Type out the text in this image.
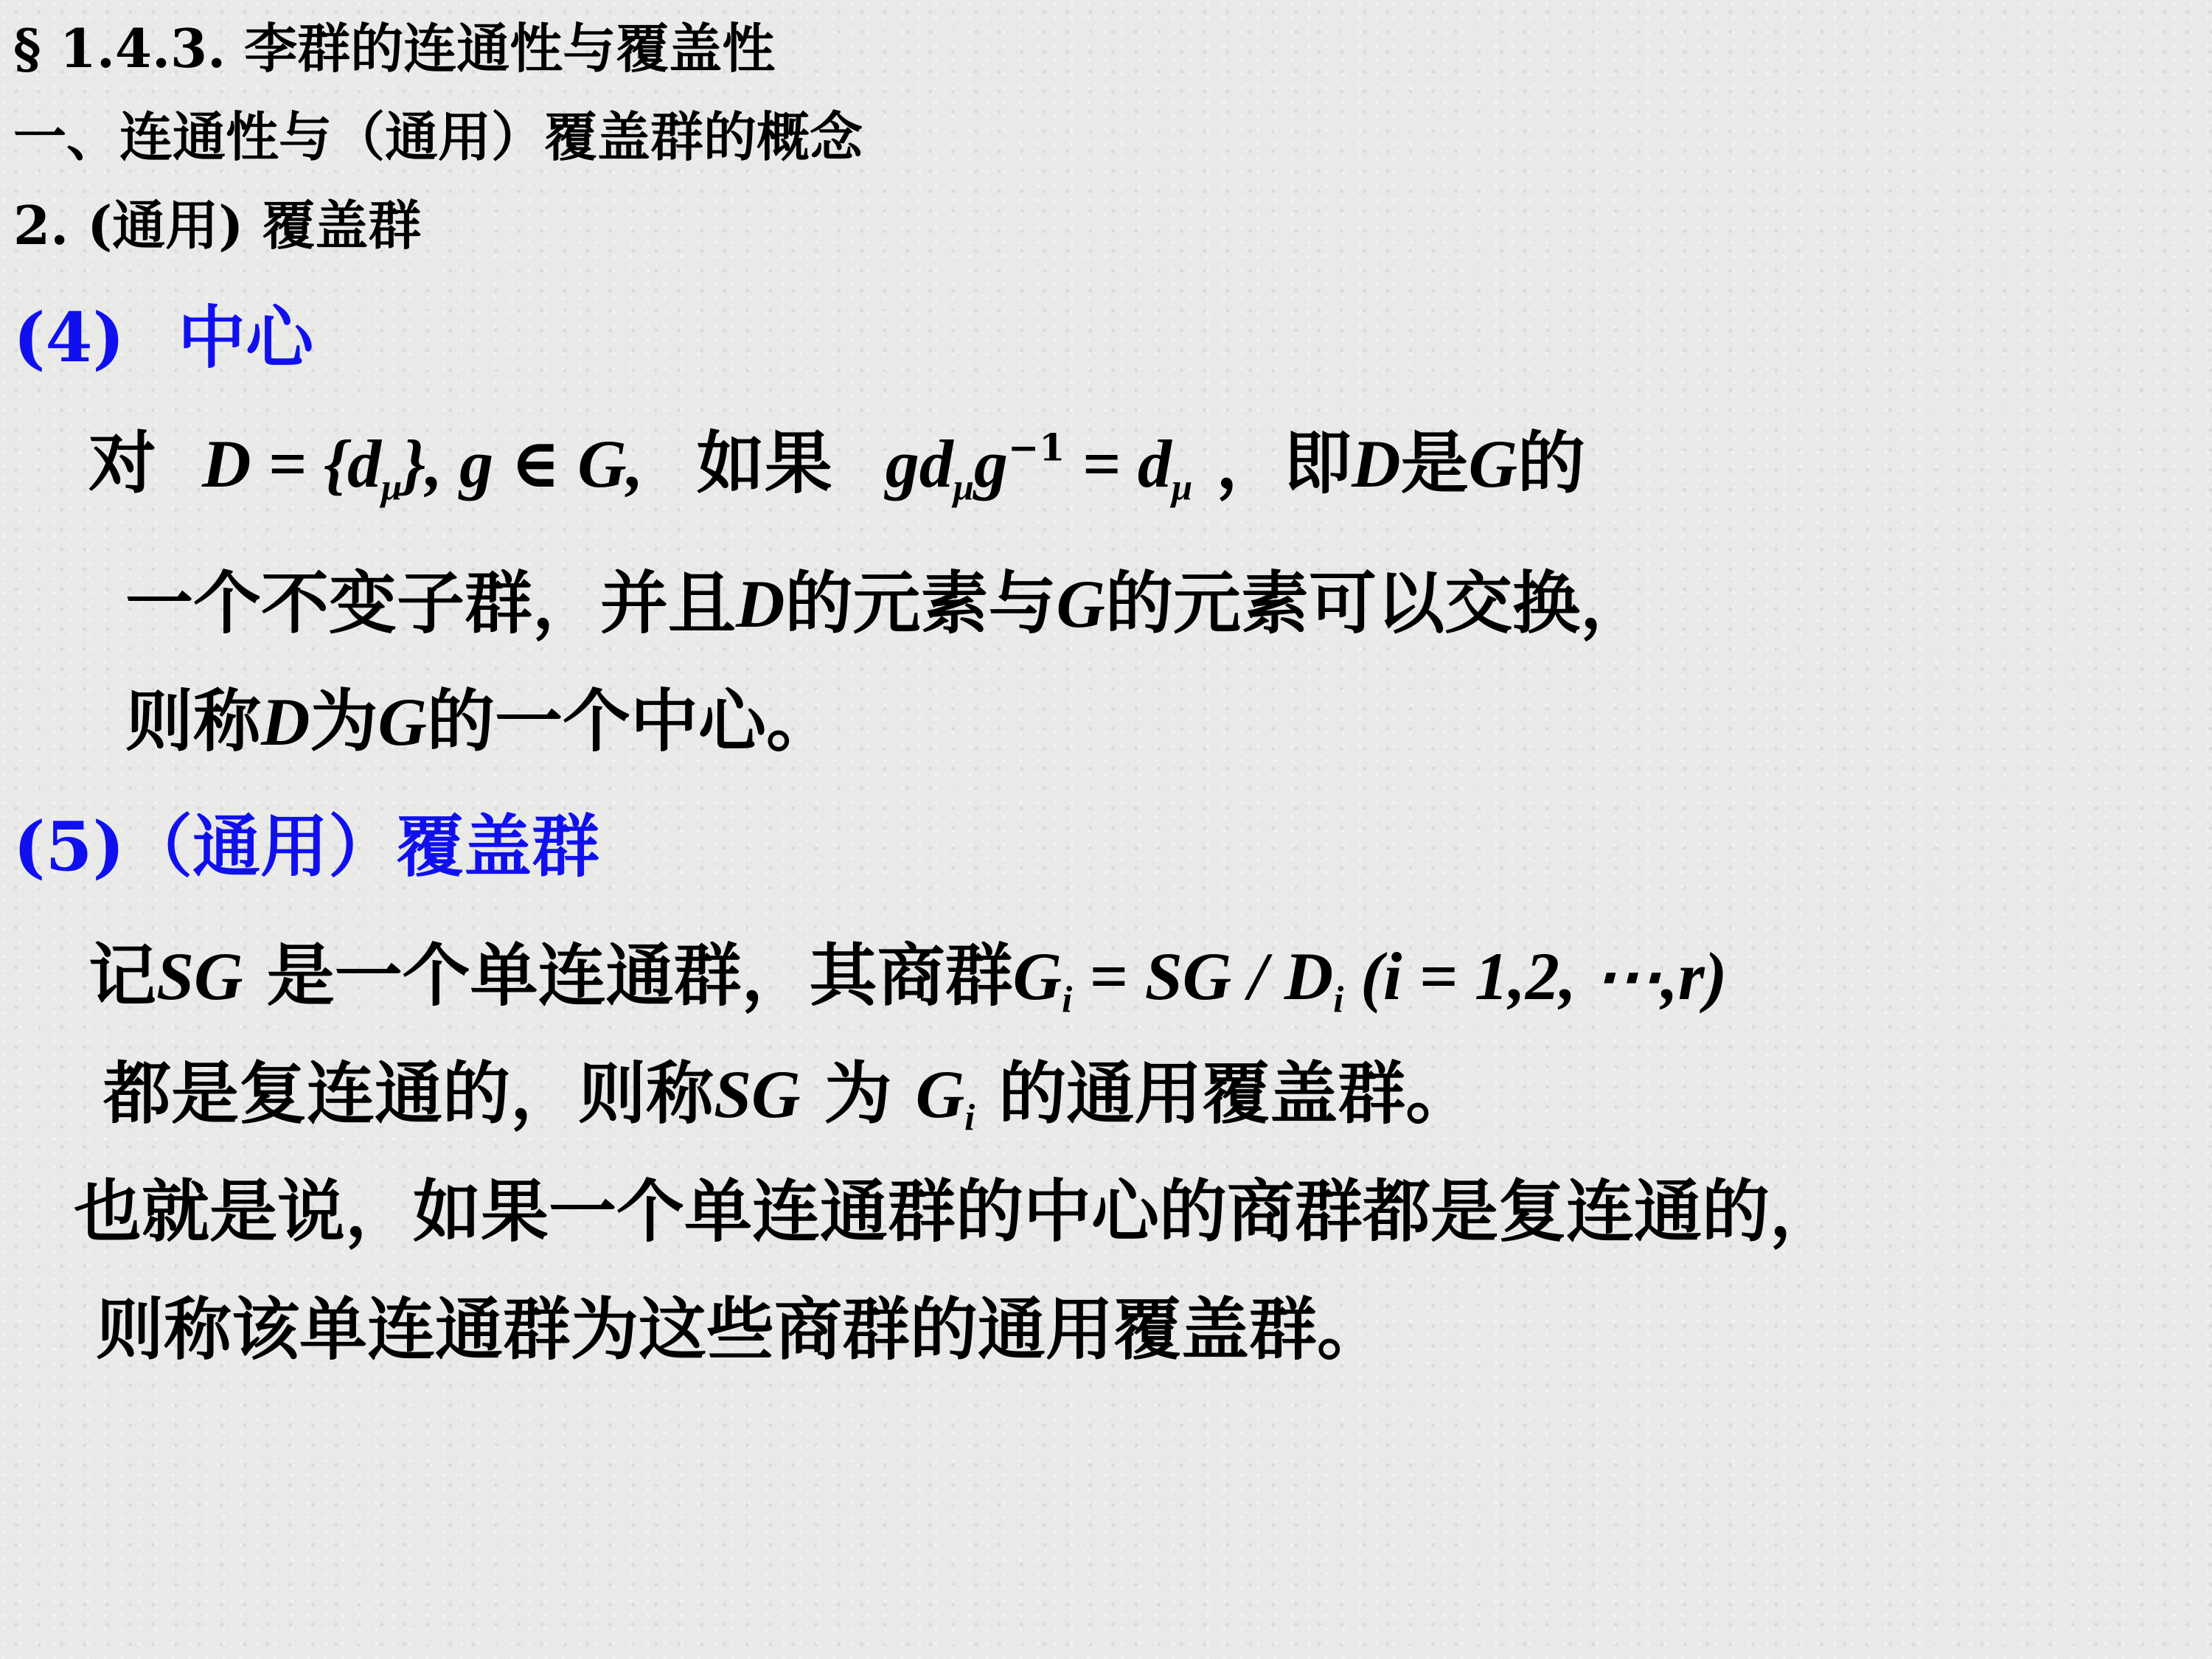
§ 1.4.3. 李群的连通性与覆盖性
一、连通性与（通用）覆盖群的概念
2. (通用) 覆盖群
(4) 中心
对 $D = \{d_\mu\}$, g ∈ G, 如果 $gd_\mu g^{-1} = d_\mu$ ，即D是G的
一个不变子群，并且D的元素与G的元素可以交换，
则称D为G的一个中心。
(5)（通用）覆盖群
记SG 是一个单连通群，其商群$G_i$ = SG / $D_i$ (i = 1,2, ⋯,r)
都是复连通的，则称SG 为 $G_i$ 的通用覆盖群。
也就是说，如果一个单连通群的中心的商群都是复连通的，
则称该单连通群为这些商群的通用覆盖群。
